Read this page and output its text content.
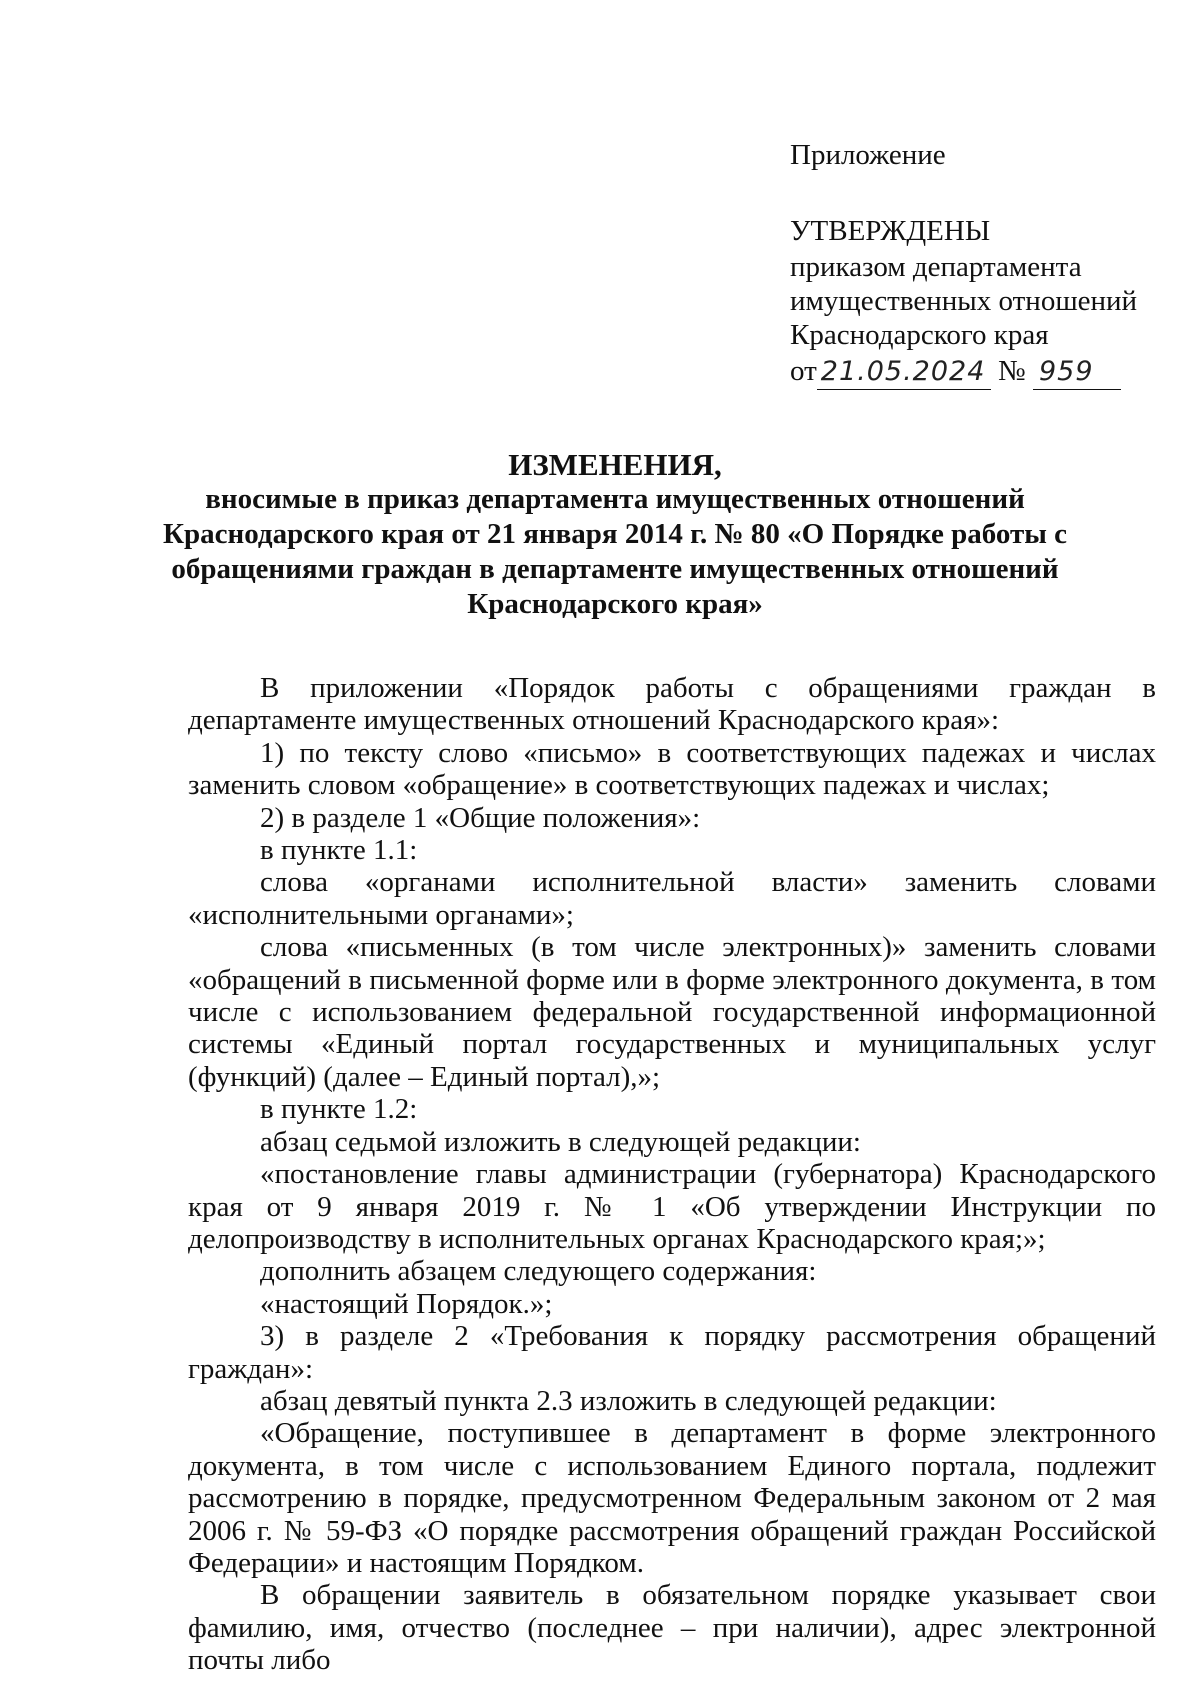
Приложение
УТВЕРЖДЕНЫ
приказом департамента
имущественных отношений
Краснодарского края
от 21.05.2024 № 959
ИЗМЕНЕНИЯ,
вносимые в приказ департамента имущественных отношений Краснодарского края от 21 января 2014 г. № 80 «О Порядке работы с обращениями граждан в департаменте имущественных отношений Краснодарского края»

В приложении «Порядок работы с обращениями граждан в департаменте имущественных отношений Краснодарского края»:

1) по тексту слово «письмо» в соответствующих падежах и числах заменить словом «обращение» в соответствующих падежах и числах;

2) в разделе 1 «Общие положения»:

в пункте 1.1:

слова «органами исполнительной власти» заменить словами «исполнительными органами»;

слова «письменных (в том числе электронных)» заменить словами «обращений в письменной форме или в форме электронного документа, в том числе с использованием федеральной государственной информационной системы «Единый портал государственных и муниципальных услуг (функций) (далее – Единый портал),»;

в пункте 1.2:

абзац седьмой изложить в следующей редакции:

«постановление главы администрации (губернатора) Краснодарского края от 9 января 2019 г. № 1 «Об утверждении Инструкции по делопроизводству в исполнительных органах Краснодарского края;»;

дополнить абзацем следующего содержания:

«настоящий Порядок.»;

3) в разделе 2 «Требования к порядку рассмотрения обращений граждан»:

абзац девятый пункта 2.3 изложить в следующей редакции:

«Обращение, поступившее в департамент в форме электронного документа, в том числе с использованием Единого портала, подлежит рассмотрению в порядке, предусмотренном Федеральным законом от 2 мая 2006 г. № 59-ФЗ «О порядке рассмотрения обращений граждан Российской Федерации» и настоящим Порядком.

В обращении заявитель в обязательном порядке указывает свои фамилию, имя, отчество (последнее – при наличии), адрес электронной почты либо
